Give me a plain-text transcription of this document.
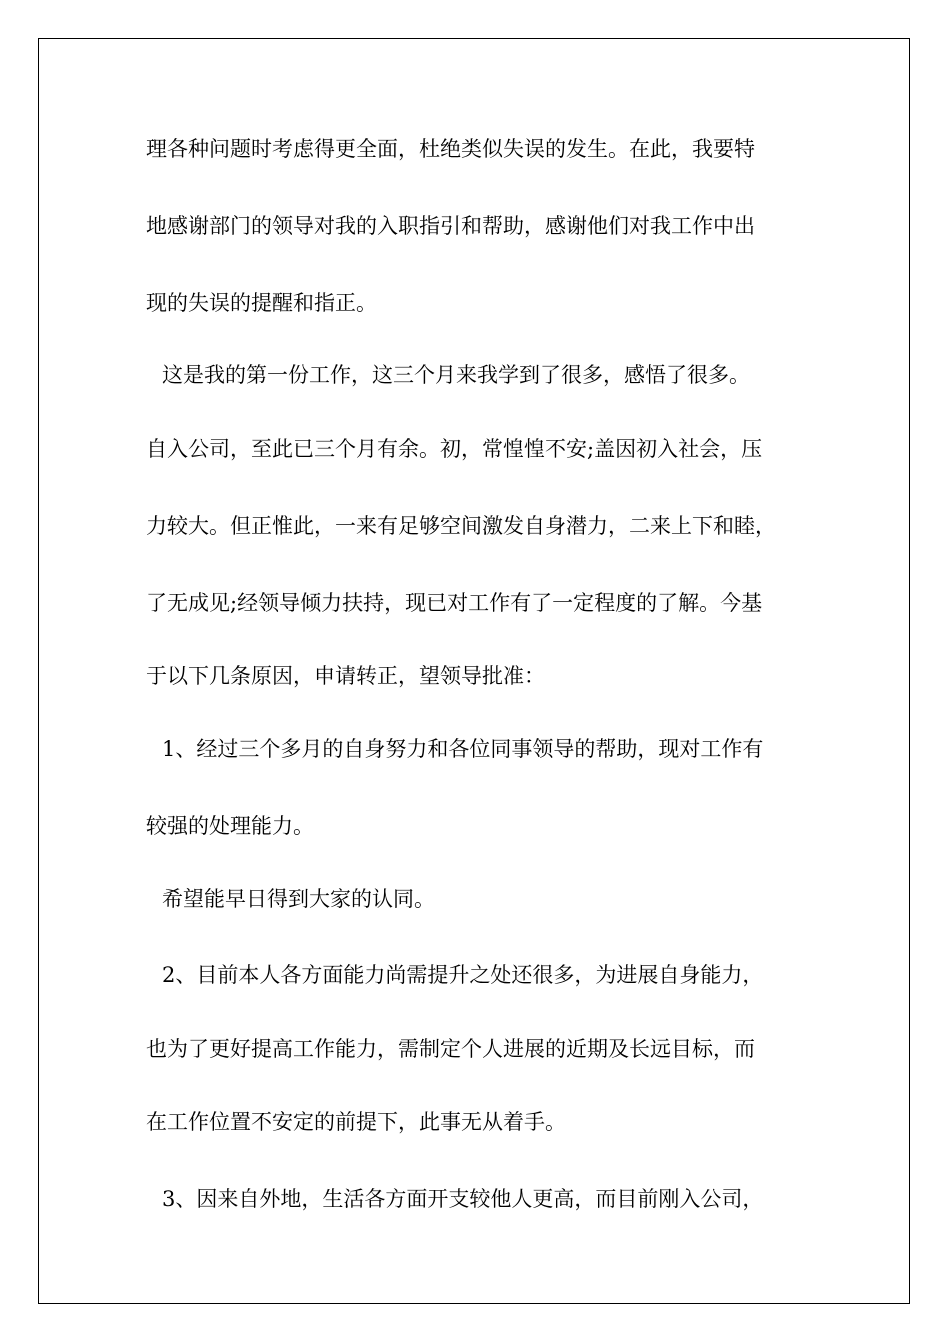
理各种问题时考虑得更全面，杜绝类似失误的发生。在此，我要特

地感谢部门的领导对我的入职指引和帮助，感谢他们对我工作中出

现的失误的提醒和指正。

这是我的第一份工作，这三个月来我学到了很多，感悟了很多。

自入公司，至此已三个月有余。初，常惶惶不安;盖因初入社会，压

力较大。但正惟此，一来有足够空间激发自身潜力，二来上下和睦，

了无成见;经领导倾力扶持，现已对工作有了一定程度的了解。今基

于以下几条原因，申请转正，望领导批准：

1、经过三个多月的自身努力和各位同事领导的帮助，现对工作有

较强的处理能力。

希望能早日得到大家的认同。

2、目前本人各方面能力尚需提升之处还很多，为进展自身能力，

也为了更好提高工作能力，需制定个人进展的近期及长远目标，而

在工作位置不安定的前提下，此事无从着手。

3、因来自外地，生活各方面开支较他人更高，而目前刚入公司，
